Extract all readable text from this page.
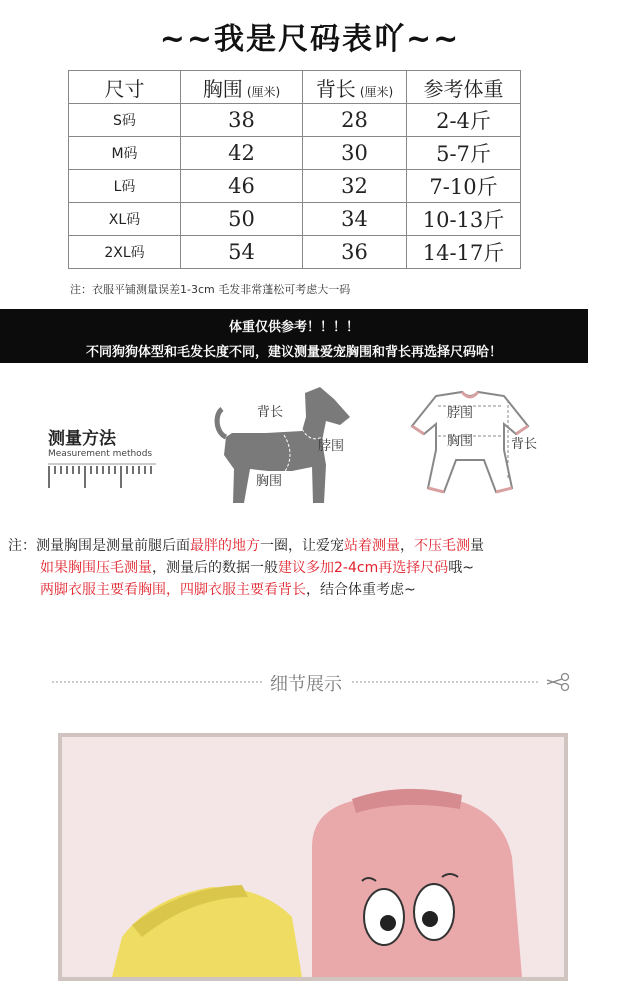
~~我是尺码表吖~~
尺寸	胸围 (厘米)	背长 (厘米)	参考体重
S码	38	28	2-4斤
M码	42	30	5-7斤
L码	46	32	7-10斤
XL码	50	34	10-13斤
2XL码	54	36	14-17斤
注：衣服平铺测量误差1-3cm 毛发非常蓬松可考虑大一码
体重仅供参考！！！！
不同狗狗体型和毛发长度不同，建议测量爱宠胸围和背长再选择尺码哈！
测量方法
Measurement methods
背长
脖围
胸围
脖围
胸围	背长
注：测量胸围是测量前腿后面最胖的地方一圈，让爱宠站着测量，不压毛测量
如果胸围压毛测量，测量后的数据一般建议多加2-4cm再选择尺码哦~
两脚衣服主要看胸围，四脚衣服主要看背长，结合体重考虑~
细节展示
